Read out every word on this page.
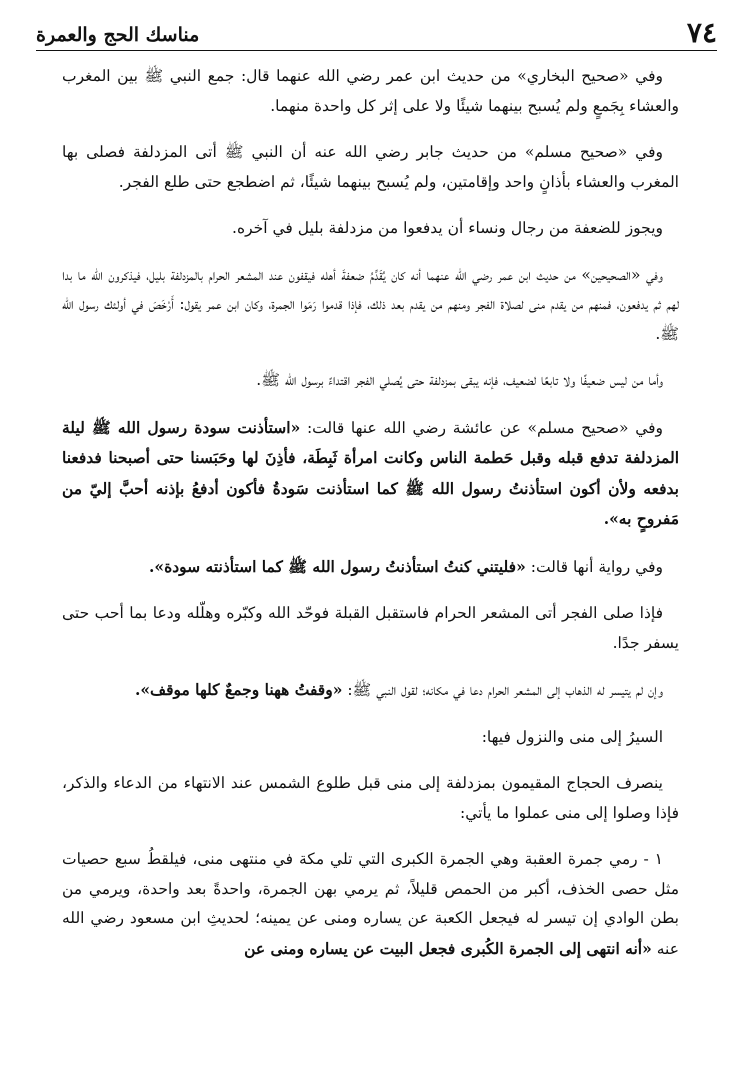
٧٤
مناسك الحج والعمرة

وفي «صحيح البخاري» من حديث ابن عمر رضي الله عنهما قال: جمع النبي ﷺ بين المغرب والعشاء بِجَمعٍ ولم يُسبح بينهما شيئًا ولا على إثر كل واحدة منهما.

وفي «صحيح مسلم» من حديث جابر رضي الله عنه أن النبي ﷺ أتى المزدلفة فصلى بها المغرب والعشاء بأذانٍ واحد وإقامتين، ولم يُسبح بينهما شيئًا، ثم اضطجع حتى طلع الفجر.

ويجوز للضعفة من رجال ونساء أن يدفعوا من مزدلفة بليل في آخره.

وفي «الصحيحين» من حديث ابن عمر رضي الله عنهما أنه كان يُقَدِّمُ ضعفةَ أهله فيقفون عند المشعر الحرام بالمزدلفة بليل، فيذكرون الله ما بدا لهم ثم يدفعون، فمنهم من يقدم منى لصلاة الفجر ومنهم من يقدم بعد ذلك، فإذا قدموا رَمَوا الجمرة، وكان ابن عمر يقول: أَرْخَصَ في أولئك رسول الله ﷺ.

وأما من ليس ضعيفًا ولا تابعًا لضعيف، فإنه يبقى بمزدلفة حتى يُصلي الفجر اقتداءً برسول الله ﷺ.

وفي «صحيح مسلم» عن عائشة رضي الله عنها قالت: «استأذنت سودة رسول الله ﷺ ليلة المزدلفة تدفع قبله وقبل حَطمة الناس وكانت امرأة ثَبِطَة، فأذِنَ لها وحَبَسنا حتى أصبحنا فدفعنا بدفعه ولأن أكون استأذنتُ رسول الله ﷺ كما استأذنت سَودةُ فأكون أدفعُ بإذنه أحبَّ إليّ من مَفروحٍ به».

وفي رواية أنها قالت: «فليتني كنتُ استأذنتُ رسول الله ﷺ كما استأذنته سودة».

فإذا صلى الفجر أتى المشعر الحرام فاستقبل القبلة فوحّد الله وكبّره وهلّله ودعا بما أحب حتى يسفر جدًا.

وإن لم يتيسر له الذهاب إلى المشعر الحرام دعا في مكانه؛ لقول النبي ﷺ: «وقفتُ ههنا وجمعٌ كلها موقف».

السيرُ إلى منى والنزول فيها:

ينصرف الحجاج المقيمون بمزدلفة إلى منى قبل طلوع الشمس عند الانتهاء من الدعاء والذكر، فإذا وصلوا إلى منى عملوا ما يأتي:

١ - رمي جمرة العقبة وهي الجمرة الكبرى التي تلي مكة في منتهى منى، فيلقطُ سبع حصيات مثل حصى الخذف، أكبر من الحمص قليلاً، ثم يرمي بهن الجمرة، واحدةً بعد واحدة، ويرمي من بطن الوادي إن تيسر له فيجعل الكعبة عن يساره ومنى عن يمينه؛ لحديثِ ابن مسعود رضي الله عنه «أنه انتهى إلى الجمرة الكُبرى فجعل البيت عن يساره ومنى عن
